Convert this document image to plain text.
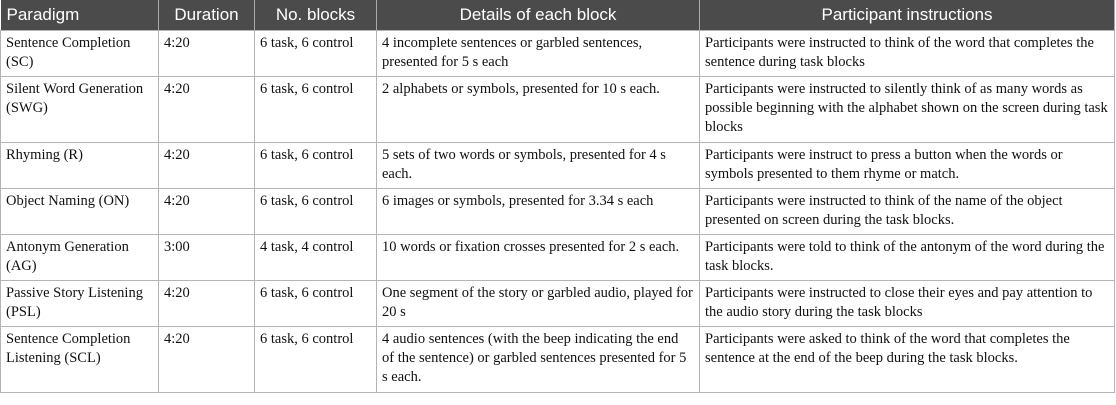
Paradigm	Duration	No. blocks	Details of each block	Participant instructions
Sentence Completion (SC)	4:20	6 task, 6 control	4 incomplete sentences or garbled sentences, presented for 5 s each	Participants were instructed to think of the word that completes the sentence during task blocks
Silent Word Generation (SWG)	4:20	6 task, 6 control	2 alphabets or symbols, presented for 10 s each.	Participants were instructed to silently think of as many words as possible beginning with the alphabet shown on the screen during task blocks
Rhyming (R)	4:20	6 task, 6 control	5 sets of two words or symbols, presented for 4 s each.	Participants were instruct to press a button when the words or symbols presented to them rhyme or match.
Object Naming (ON)	4:20	6 task, 6 control	6 images or symbols, presented for 3.34 s each	Participants were instructed to think of the name of the object presented on screen during the task blocks.
Antonym Generation (AG)	3:00	4 task, 4 control	10 words or fixation crosses presented for 2 s each.	Participants were told to think of the antonym of the word during the task blocks.
Passive Story Listening (PSL)	4:20	6 task, 6 control	One segment of the story or garbled audio, played for 20 s	Participants were instructed to close their eyes and pay attention to the audio story during the task blocks
Sentence Completion Listening (SCL)	4:20	6 task, 6 control	4 audio sentences (with the beep indicating the end of the sentence) or garbled sentences presented for 5 s each.	Participants were asked to think of the word that completes the sentence at the end of the beep during the task blocks.
